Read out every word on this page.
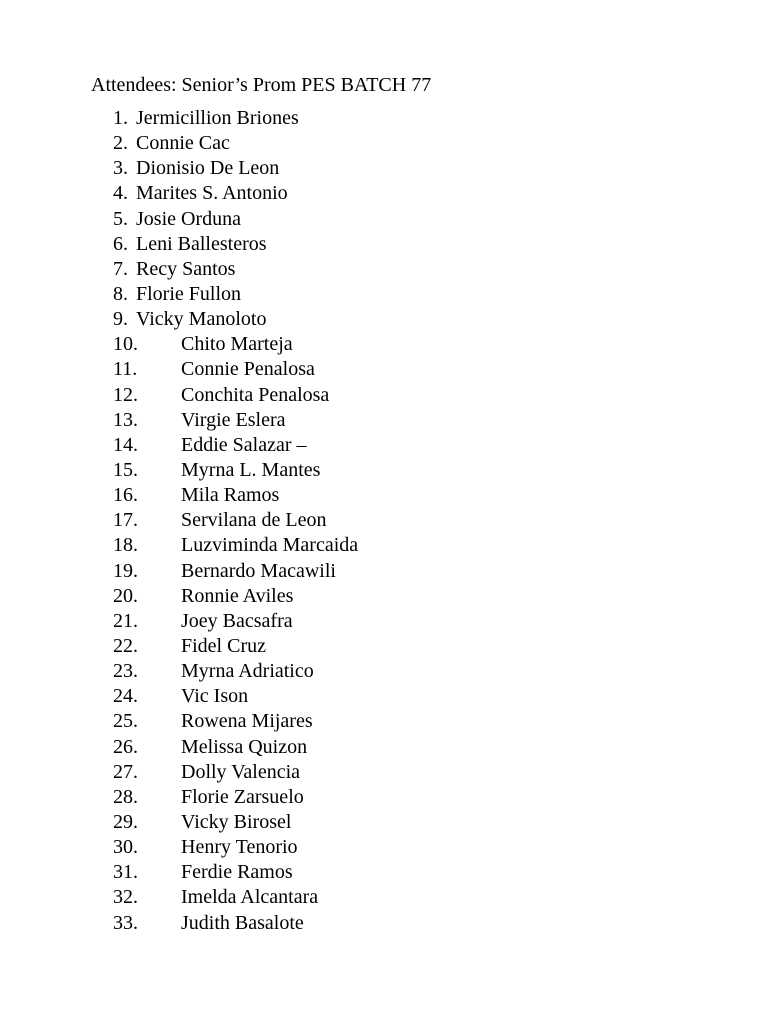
Attendees: Senior’s Prom PES BATCH 77
1. Jermicillion Briones
2. Connie Cac
3. Dionisio De Leon
4. Marites S. Antonio
5. Josie Orduna
6. Leni Ballesteros
7. Recy Santos
8. Florie Fullon
9. Vicky Manoloto
10. Chito Marteja
11. Connie Penalosa
12. Conchita Penalosa
13. Virgie Eslera
14. Eddie Salazar –
15. Myrna L. Mantes
16. Mila Ramos
17. Servilana de Leon
18. Luzviminda Marcaida
19. Bernardo Macawili
20. Ronnie Aviles
21. Joey Bacsafra
22. Fidel Cruz
23. Myrna Adriatico
24. Vic Ison
25. Rowena Mijares
26. Melissa Quizon
27. Dolly Valencia
28. Florie Zarsuelo
29. Vicky Birosel
30. Henry Tenorio
31. Ferdie Ramos
32. Imelda Alcantara
33. Judith Basalote
